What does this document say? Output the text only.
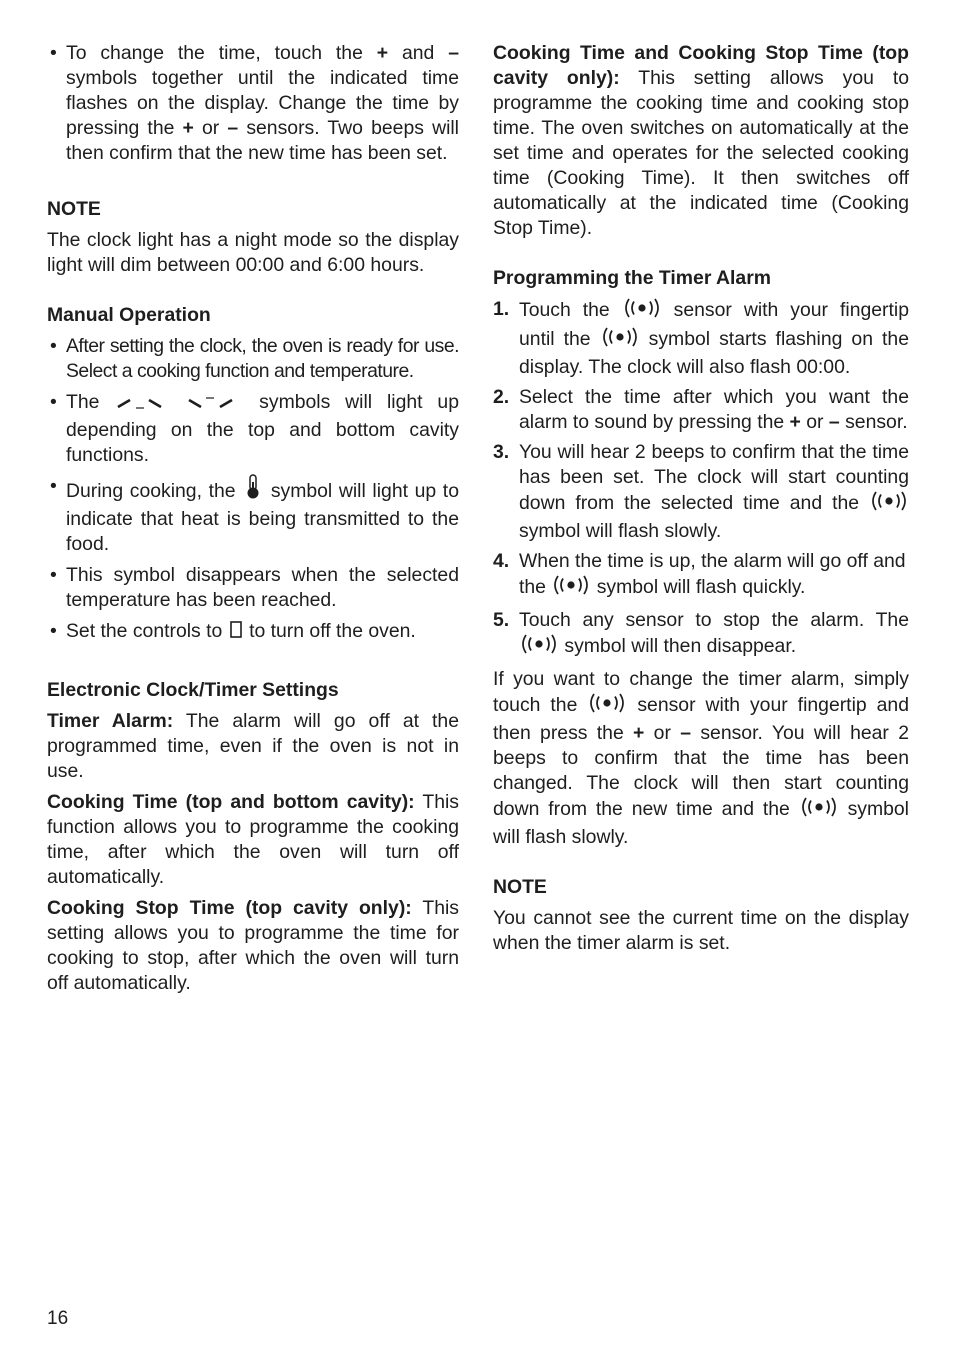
• To change the time, touch the + and – symbols together until the indicated time flashes on the display. Change the time by pressing the + or – sensors. Two beeps will then confirm that the new time has been set.

NOTE

The clock light has a night mode so the display light will dim between 00:00 and 6:00 hours.

Manual Operation

• After setting the clock, the oven is ready for use. Select a cooking function and temperature.
• The	symbols will light up depending on the top and bottom cavity functions.
• During cooking, the  symbol will light up to indicate that heat is being transmitted to the food.
• This symbol disappears when the selected temperature has been reached.
• Set the controls to  to turn off the oven.

Electronic Clock/Timer Settings

Timer Alarm: The alarm will go off at the programmed time, even if the oven is not in use.

Cooking Time (top and bottom cavity): This function allows you to programme the cooking time, after which the oven will turn off automatically.

Cooking Stop Time (top cavity only): This setting allows you to programme the time for cooking to stop, after which the oven will turn off automatically.

Cooking Time and Cooking Stop Time (top cavity only): This setting allows you to programme the cooking time and cooking stop time. The oven switches on automatically at the set time and operates for the selected cooking time (Cooking Time). It then switches off automatically at the indicated time (Cooking Stop Time).

Programming the Timer Alarm

1. Touch the  sensor with your fingertip until the  symbol starts flashing on the display. The clock will also flash 00:00.
2. Select the time after which you want the alarm to sound by pressing the + or – sensor.
3. You will hear 2 beeps to confirm that the time has been set. The clock will start counting down from the selected time and the  symbol will flash slowly.
4. When the time is up, the alarm will go off and the  symbol will flash quickly.
5. Touch any sensor to stop the alarm. The  symbol will then disappear.

If you want to change the timer alarm, simply touch the  sensor with your fingertip and then press the + or – sensor. You will hear 2 beeps to confirm that the time has been changed. The clock will then start counting down from the new time and the  symbol will flash slowly.

NOTE

You cannot see the current time on the display when the timer alarm is set.

16
